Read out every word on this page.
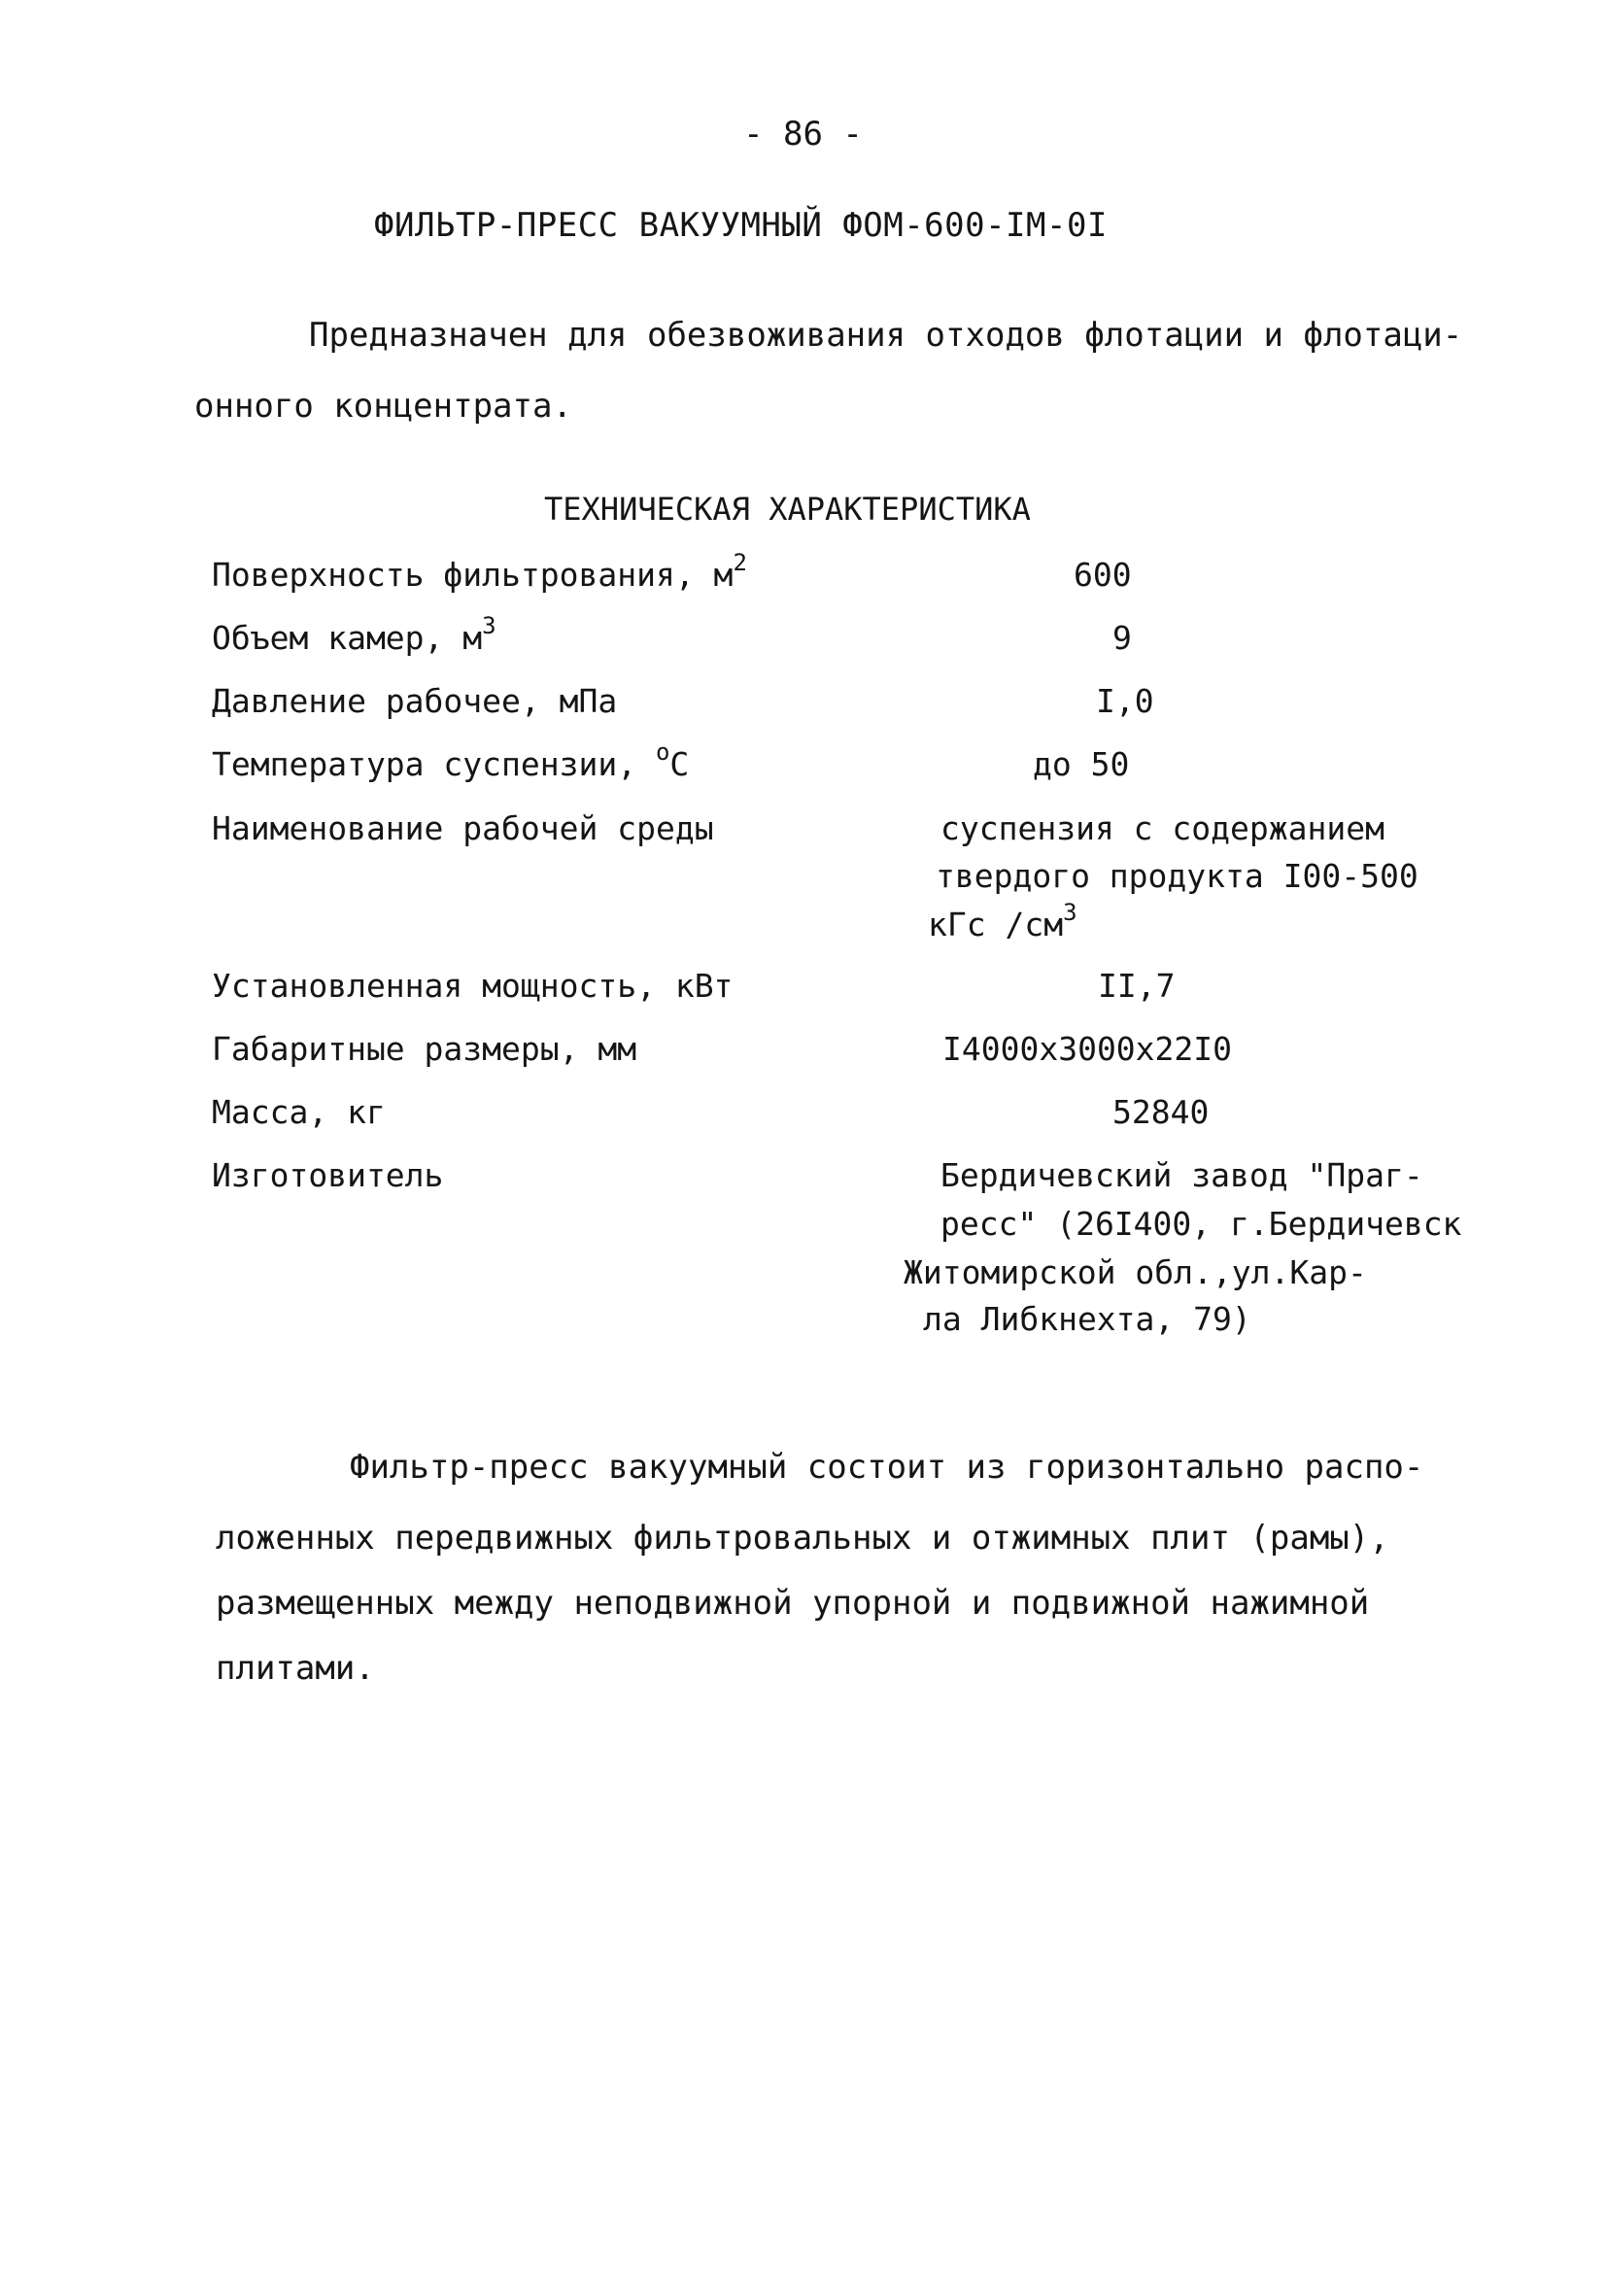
- 86 -
ФИЛЬТР-ПРЕСС ВАКУУМНЫЙ ФОМ-600-IM-0I
Предназначен для обезвоживания отходов флотации и флотаци-
онного концентрата.
ТЕХНИЧЕСКАЯ ХАРАКТЕРИСТИКА
Поверхность фильтрования, $м^2$	600
Объем камер, $м^3$	9
Давление рабочее, мПа	I,0
Температура суспензии, $^о$С	до 50
Наименование рабочей среды	суспензия с содержанием
твердого продукта I00-500
кГс $/см^3$
Установленная мощность, кВт	II,7
Габаритные размеры, мм	I4000х3000х22I0
Масса, кг	52840
Изготовитель	Бердичевский завод "Праг-
ресс" (26I400, г.Бердичевск
Житомирской обл.,ул.Кар-
ла Либкнехта, 79)
Фильтр-пресс вакуумный состоит из горизонтально распо-
ложенных передвижных фильтровальных и отжимных плит (рамы),
размещенных между неподвижной упорной и подвижной нажимной
плитами.
